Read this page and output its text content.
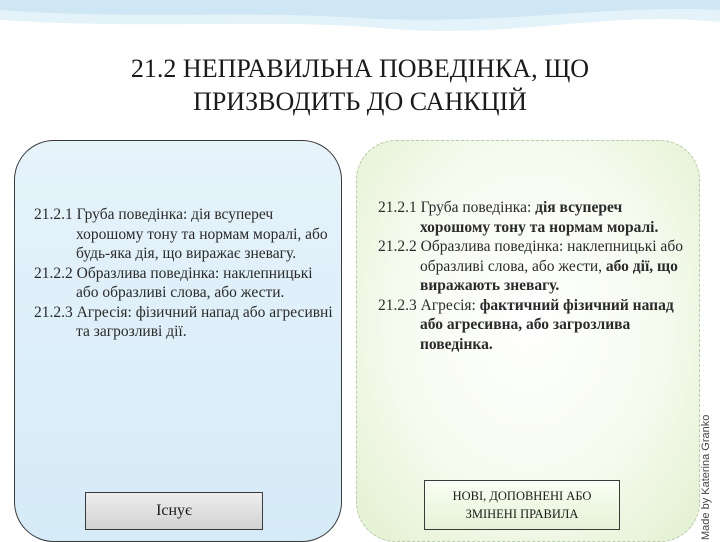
21.2 НЕПРАВИЛЬНА ПОВЕДІНКА, ЩО
ПРИЗВОДИТЬ ДО САНКЦІЙ

21.2.1 Груба поведінка: дія всупереч хорошому тону та нормам моралі, або будь-яка дія, що виражає зневагу.

21.2.2 Образлива поведінка: наклепницькі або образливі слова, або жести.

21.2.3 Агресія: фізичний напад або агресивні та загрозливі дії.

21.2.1 Груба поведінка: дія всупереч хорошому тону та нормам моралі.

21.2.2 Образлива поведінка: наклепницькі або образливі слова, або жести, або дії, що виражають зневагу.

21.2.3 Агресія: фактичний фізичний напад або агресивна, або загрозлива поведінка.

Існує
НОВІ, ДОПОВНЕНІ АБО
ЗМІНЕНІ ПРАВИЛА	Made by Katerina Granko
